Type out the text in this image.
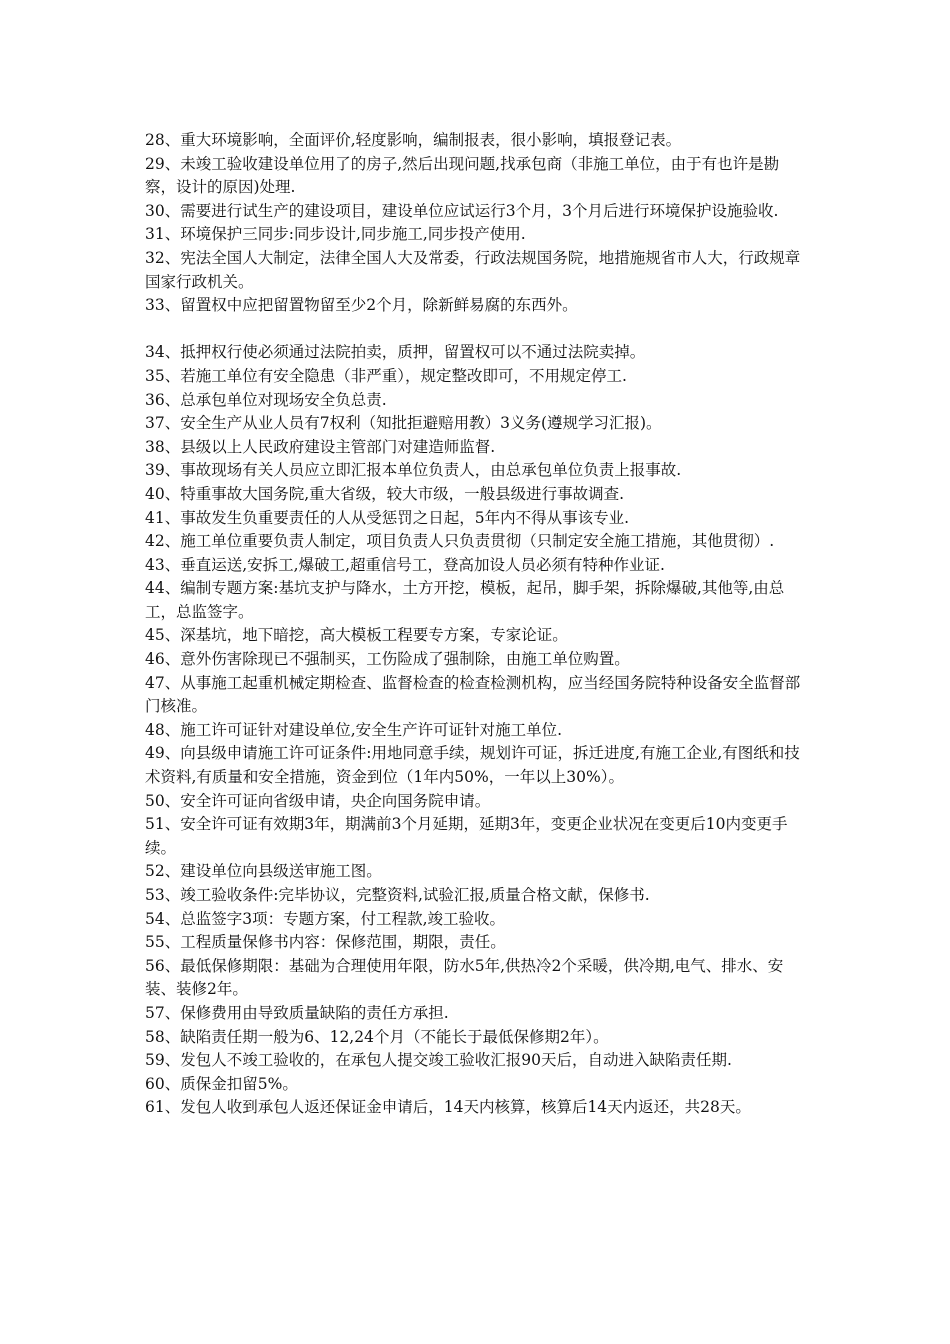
28、重大环境影响，全面评价,轻度影响，编制报表，很小影响，填报登记表。

29、未竣工验收建设单位用了的房子,然后出现问题,找承包商（非施工单位，由于有也许是勘察，设计的原因)处理.

30、需要进行试生产的建设项目，建设单位应试运行3个月，3个月后进行环境保护设施验收.

31、环境保护三同步:同步设计,同步施工,同步投产使用.

32、宪法全国人大制定，法律全国人大及常委，行政法规国务院，地措施规省市人大，行政规章国家行政机关。

33、留置权中应把留置物留至少2个月，除新鲜易腐的东西外。

34、抵押权行使必须通过法院拍卖，质押，留置权可以不通过法院卖掉。

35、若施工单位有安全隐患（非严重），规定整改即可，不用规定停工.

36、总承包单位对现场安全负总责.

37、安全生产从业人员有7权利（知批拒避赔用教）3义务(遵规学习汇报)。

38、县级以上人民政府建设主管部门对建造师监督.

39、事故现场有关人员应立即汇报本单位负责人，由总承包单位负责上报事故.

40、特重事故大国务院,重大省级，较大市级，一般县级进行事故调查.

41、事故发生负重要责任的人从受惩罚之日起，5年内不得从事该专业.

42、施工单位重要负责人制定，项目负责人只负责贯彻（只制定安全施工措施，其他贯彻）.

43、垂直运送,安拆工,爆破工,超重信号工，登高加设人员必须有特种作业证.

44、编制专题方案:基坑支护与降水，土方开挖，模板，起吊，脚手架，拆除爆破,其他等,由总工，总监签字。

45、深基坑，地下暗挖，高大模板工程要专方案，专家论证。

46、意外伤害除现已不强制买，工伤险成了强制除，由施工单位购置。

47、从事施工起重机械定期检查、监督检查的检查检测机构，应当经国务院特种设备安全监督部门核准。

48、施工许可证针对建设单位,安全生产许可证针对施工单位.

49、向县级申请施工许可证条件:用地同意手续，规划许可证，拆迁进度,有施工企业,有图纸和技术资料,有质量和安全措施，资金到位（1年内50%，一年以上30%）。

50、安全许可证向省级申请，央企向国务院申请。

51、安全许可证有效期3年，期满前3个月延期，延期3年，变更企业状况在变更后10内变更手续。

52、建设单位向县级送审施工图。

53、竣工验收条件:完毕协议，完整资料,试验汇报,质量合格文献，保修书.

54、总监签字3项：专题方案，付工程款,竣工验收。

55、工程质量保修书内容：保修范围，期限，责任。

56、最低保修期限：基础为合理使用年限，防水5年,供热冷2个采暖，供冷期,电气、排水、安装、装修2年。

57、保修费用由导致质量缺陷的责任方承担.

58、缺陷责任期一般为6、12,24个月（不能长于最低保修期2年）。

59、发包人不竣工验收的，在承包人提交竣工验收汇报90天后，自动进入缺陷责任期.

60、质保金扣留5%。

61、发包人收到承包人返还保证金申请后，14天内核算，核算后14天内返还，共28天。
